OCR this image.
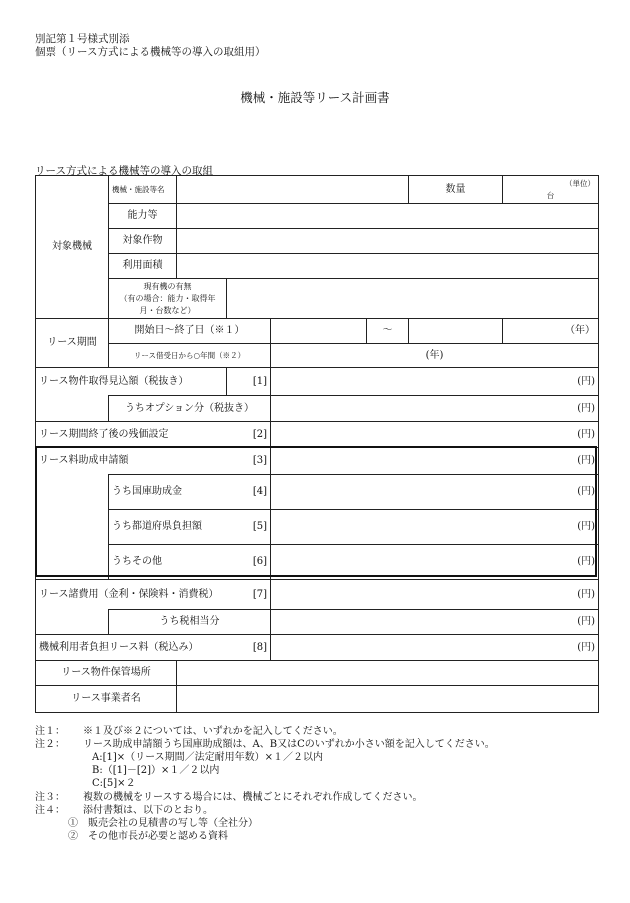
別記第１号様式別添
個票（リース方式による機械等の導入の取組用）
機械・施設等リース計画書
リース方式による機械等の導入の取組
対象機械	機械・施設等名					数量	（単位）
台

	能力等						
	対象作物						
	利用面積						

	現有機の有無
（有の場合：能力・取得年月・台数など）						

リース期間	開始日～終了日（※１）				～		（年）
	リース借受日から○年間（※２）			(年)			
リース物件取得見込額（税抜き）			[1]	(円)			
	うちオプション分（税抜き）			(円)			
リース期間終了後の残価設定			[2]	(円)			
リース料助成申請額			[3]	(円)			
	うち国庫助成金		[4]	(円)			
	うち都道府県負担額		[5]	(円)			
	うちその他		[6]	(円)			
リース諸費用（金利・保険料・消費税）			[7]	(円)			
	うち税相当分			(円)			
機械利用者負担リース料（税込み）			[8]	(円)			
リース物件保管場所							
リース事業者名							
注１： ※１及び※２については、いずれかを記入してください。
注２： リース助成申請額うち国庫助成額は、A、B又はCのいずれか小さい額を記入してください。
A:[1]×（リース期間／法定耐用年数）×１／２以内
B:（[1]－[2]）×１／２以内
C:[5]×２
注３： 複数の機械をリースする場合には、機械ごとにそれぞれ作成してください。
注４： 添付書類は、以下のとおり。
①　販売会社の見積書の写し等（全社分）
②　その他市長が必要と認める資料
